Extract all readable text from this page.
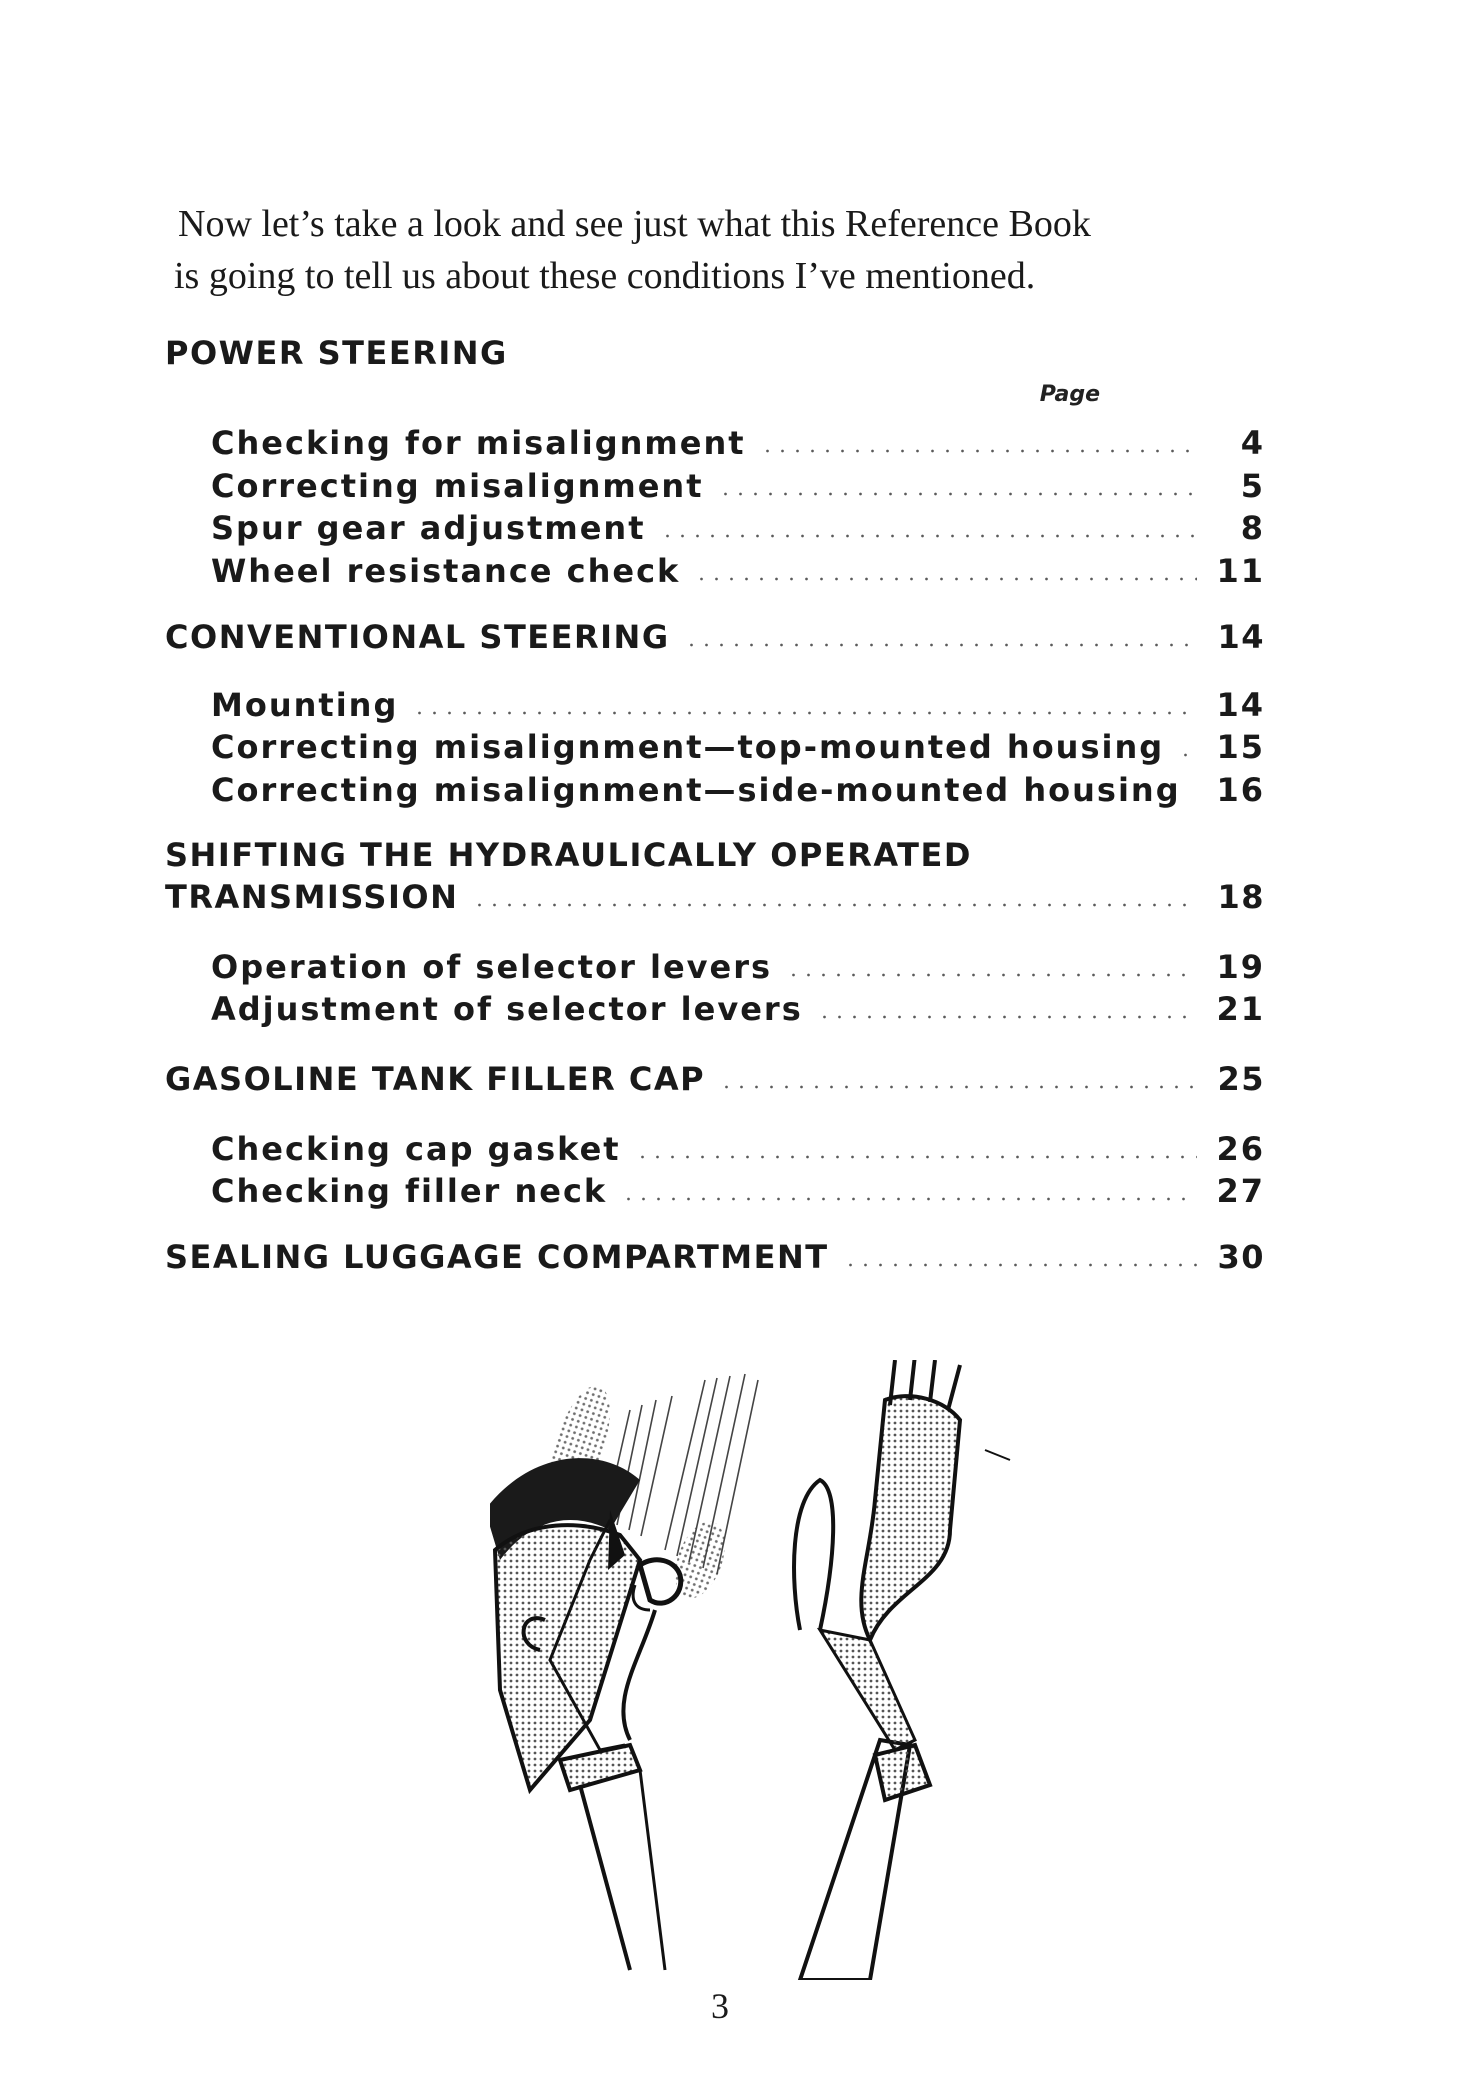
Now let’s take a look and see just what this Reference Book

is going to tell us about these conditions I’ve mentioned.

Page
POWER STEERING
Checking for misalignment	4
Correcting misalignment	5
Spur gear adjustment	8
Wheel resistance check	11
CONVENTIONAL STEERING	14
Mounting	14
Correcting misalignment—top-mounted housing 15
Correcting misalignment—side-mounted housing 16
SHIFTING THE HYDRAULICALLY OPERATED
TRANSMISSION	18
Operation of selector levers	19
Adjustment of selector levers	21
GASOLINE TANK FILLER CAP	25
Checking cap gasket	26
Checking filler neck	27
SEALING LUGGAGE COMPARTMENT	30
3
